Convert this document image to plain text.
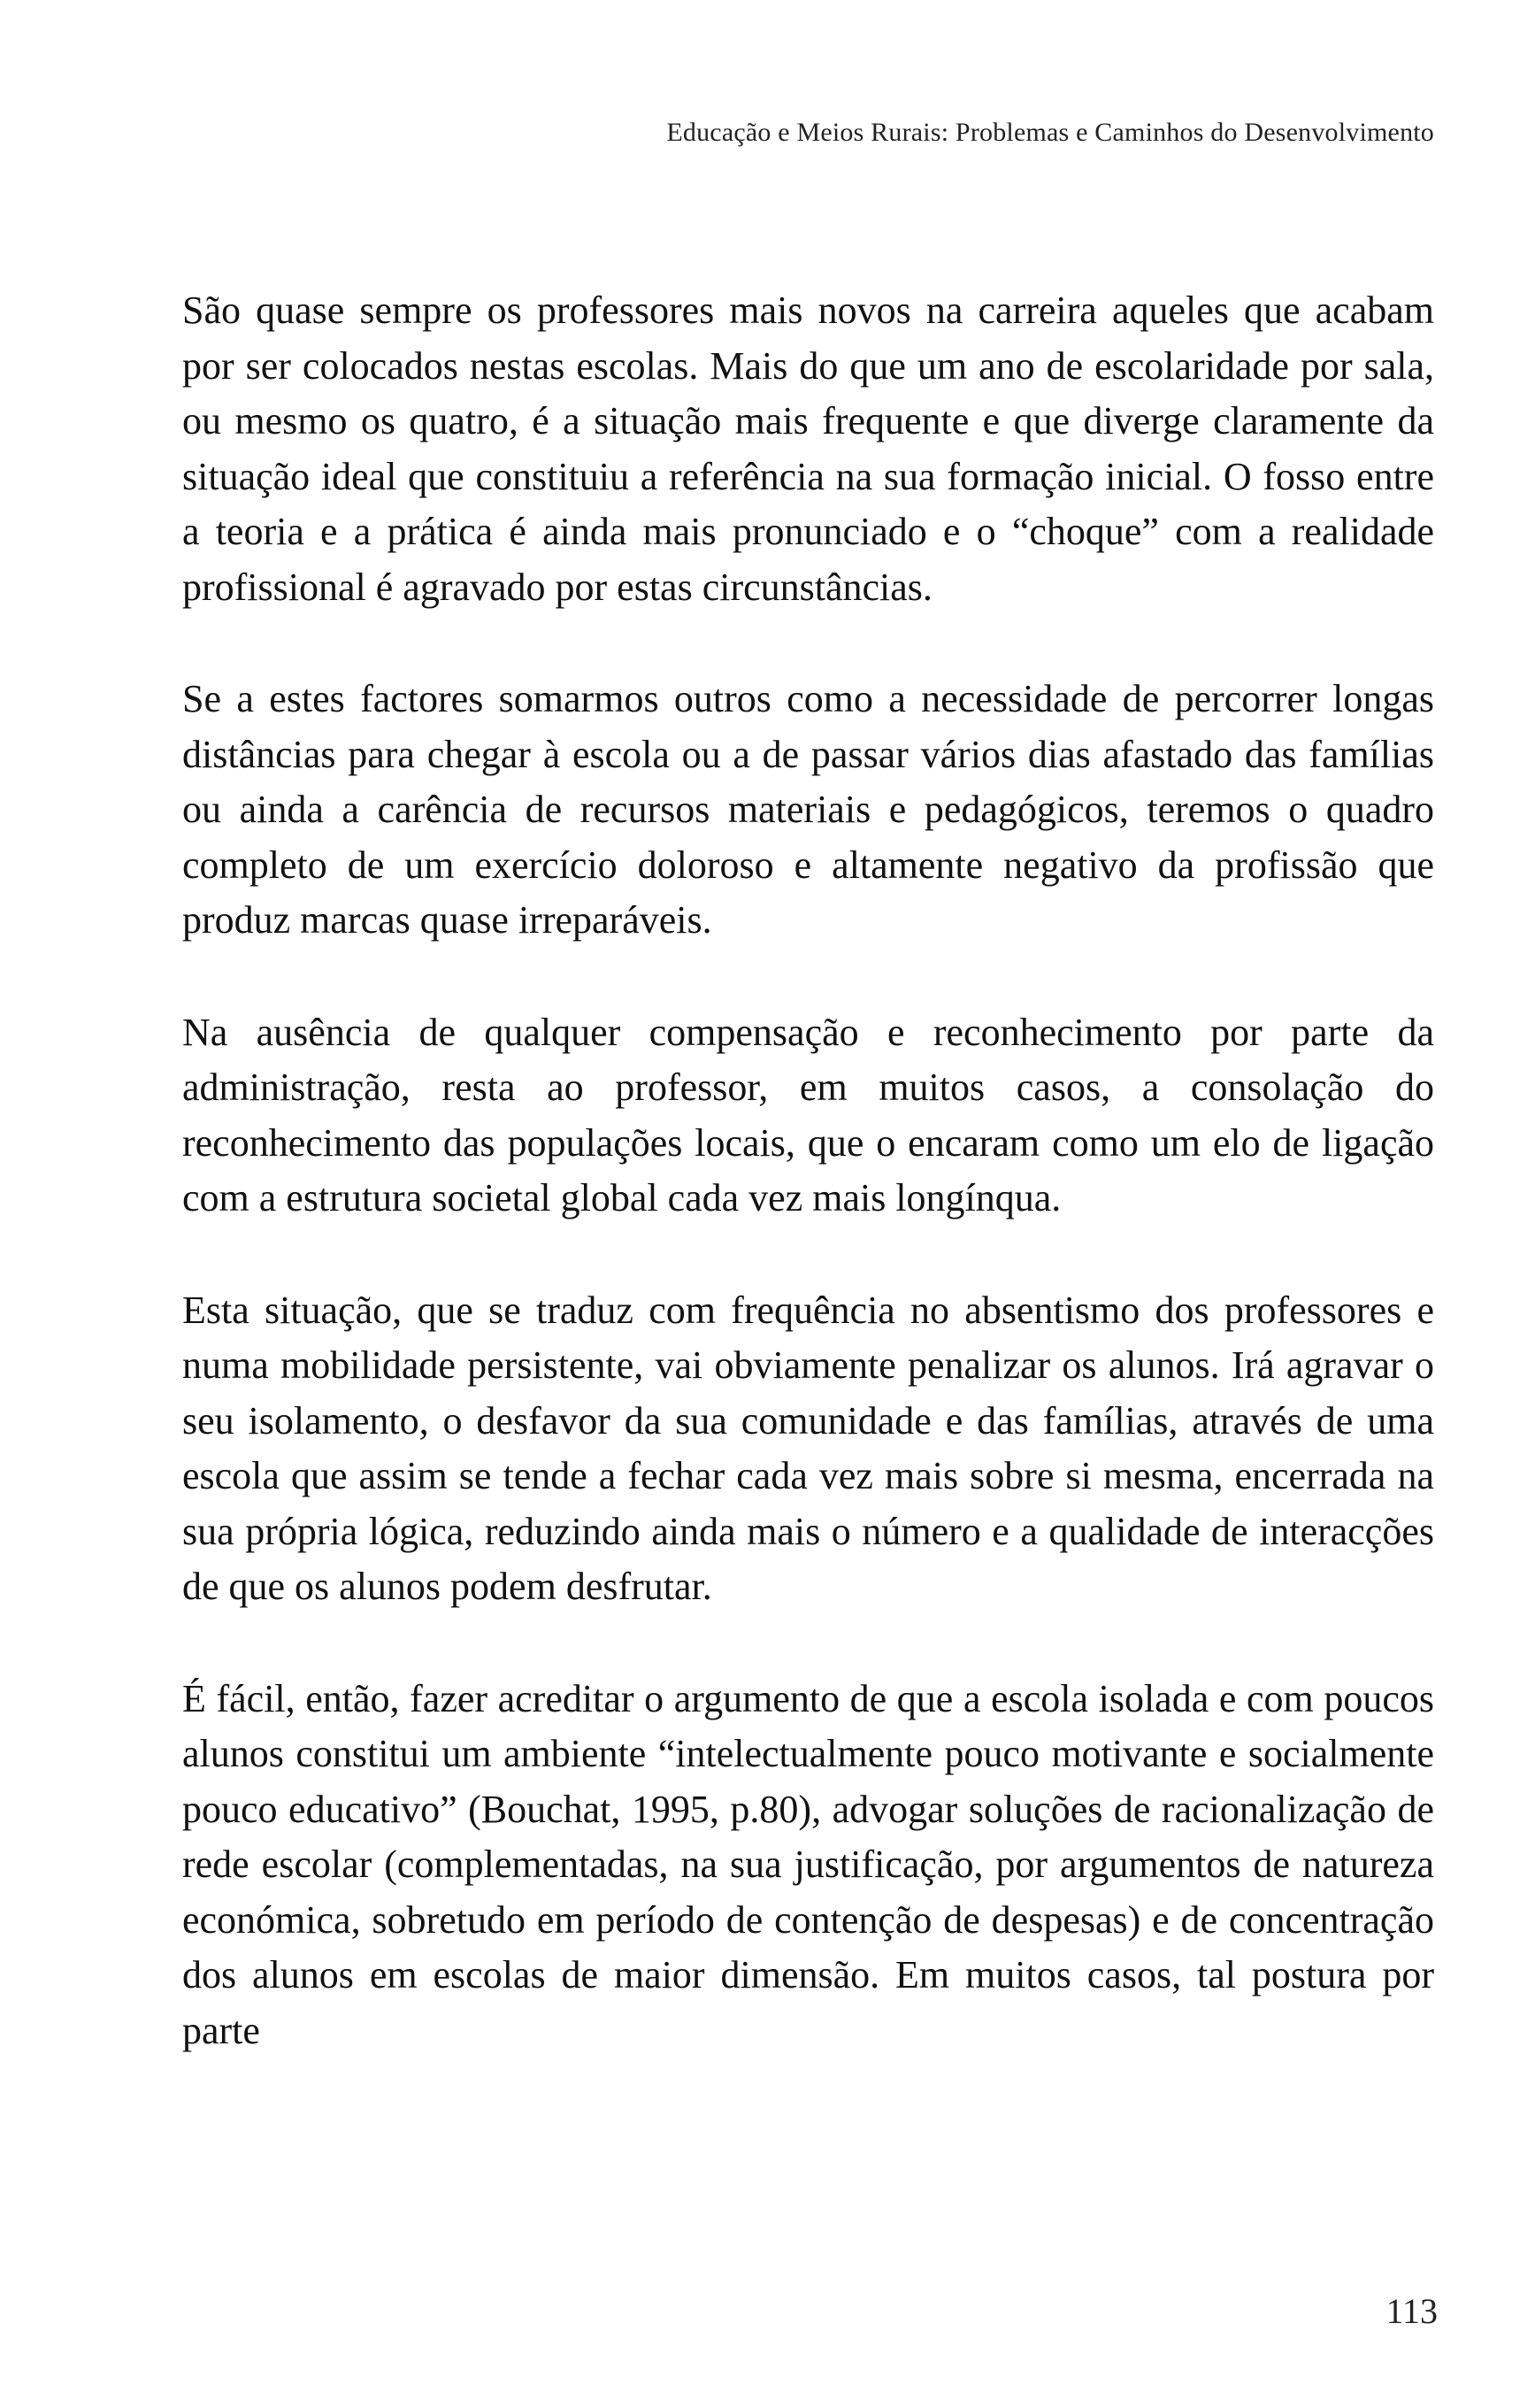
Educação e Meios Rurais: Problemas e Caminhos do Desenvolvimento

São quase sempre os professores mais novos na carreira aqueles que acabam por ser colocados nestas escolas. Mais do que um ano de escolaridade por sala, ou mesmo os quatro, é a situação mais frequente e que diverge claramente da situação ideal que constituiu a referência na sua formação inicial. O fosso entre a teoria e a prática é ainda mais pronunciado e o “choque” com a realidade profissional é agravado por estas circunstâncias.

Se a estes factores somarmos outros como a necessidade de percorrer longas distâncias para chegar à escola ou a de passar vários dias afastado das famílias ou ainda a carência de recursos materiais e pedagógicos, teremos o quadro completo de um exercício doloroso e altamente negativo da profissão que produz marcas quase irreparáveis.

Na ausência de qualquer compensação e reconhecimento por parte da administração, resta ao professor, em muitos casos, a consolação do reconhecimento das populações locais, que o encaram como um elo de ligação com a estrutura societal global cada vez mais longínqua.

Esta situação, que se traduz com frequência no absentismo dos professores e numa mobilidade persistente, vai obviamente penalizar os alunos. Irá agravar o seu isolamento, o desfavor da sua comunidade e das famílias, através de uma escola que assim se tende a fechar cada vez mais sobre si mesma, encerrada na sua própria lógica, reduzindo ainda mais o número e a qualidade de interacções de que os alunos podem desfrutar.

É fácil, então, fazer acreditar o argumento de que a escola isolada e com poucos alunos constitui um ambiente “intelectualmente pouco motivante e socialmente pouco educativo” (Bouchat, 1995, p.80), advogar soluções de racionalização de rede escolar (complementadas, na sua justificação, por argumentos de natureza económica, sobretudo em período de contenção de despesas) e de concentração dos alunos em escolas de maior dimensão. Em muitos casos, tal postura por parte

113
